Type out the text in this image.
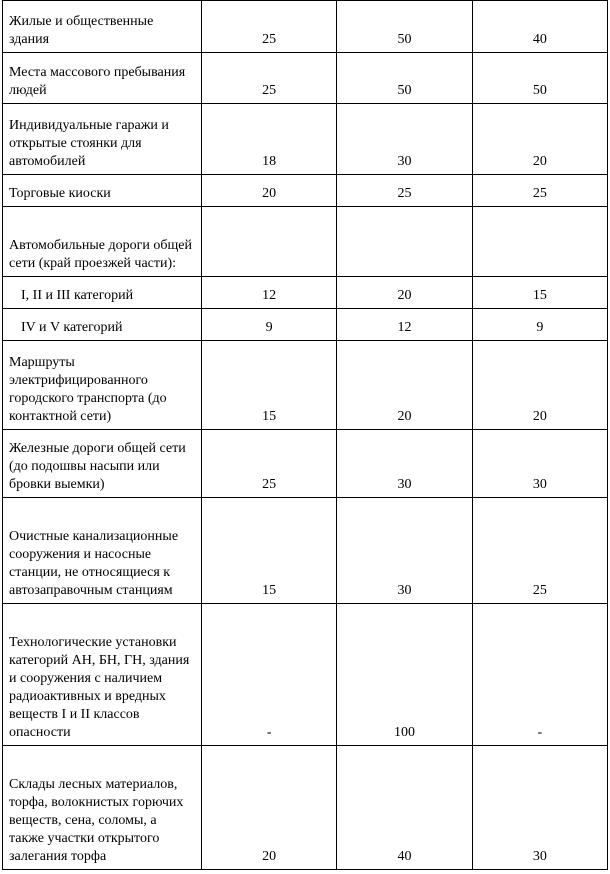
Жилые и общественные здания	25	50	40
Места массового пребывания людей	25	50	50
Индивидуальные гаражи и открытые стоянки для автомобилей	18	30	20
Торговые киоски	20	25	25
Автомобильные дороги общей сети (край проезжей части):			
I, II и III категорий	12	20	15
IV и V категорий	9	12	9
Маршруты электрифицированного городского транспорта (до контактной сети)	15	20	20
Железные дороги общей сети (до подошвы насыпи или бровки выемки)	25	30	30
Очистные канализационные сооружения и насосные станции, не относящиеся к автозаправочным станциям	15	30	25
Технологические установки категорий АН, БН, ГН, здания и сооружения с наличием радиоактивных и вредных веществ I и II классов опасности	-	100	-
Склады лесных материалов, торфа, волокнистых горючих веществ, сена, соломы, а также участки открытого залегания торфа	20	40	30
